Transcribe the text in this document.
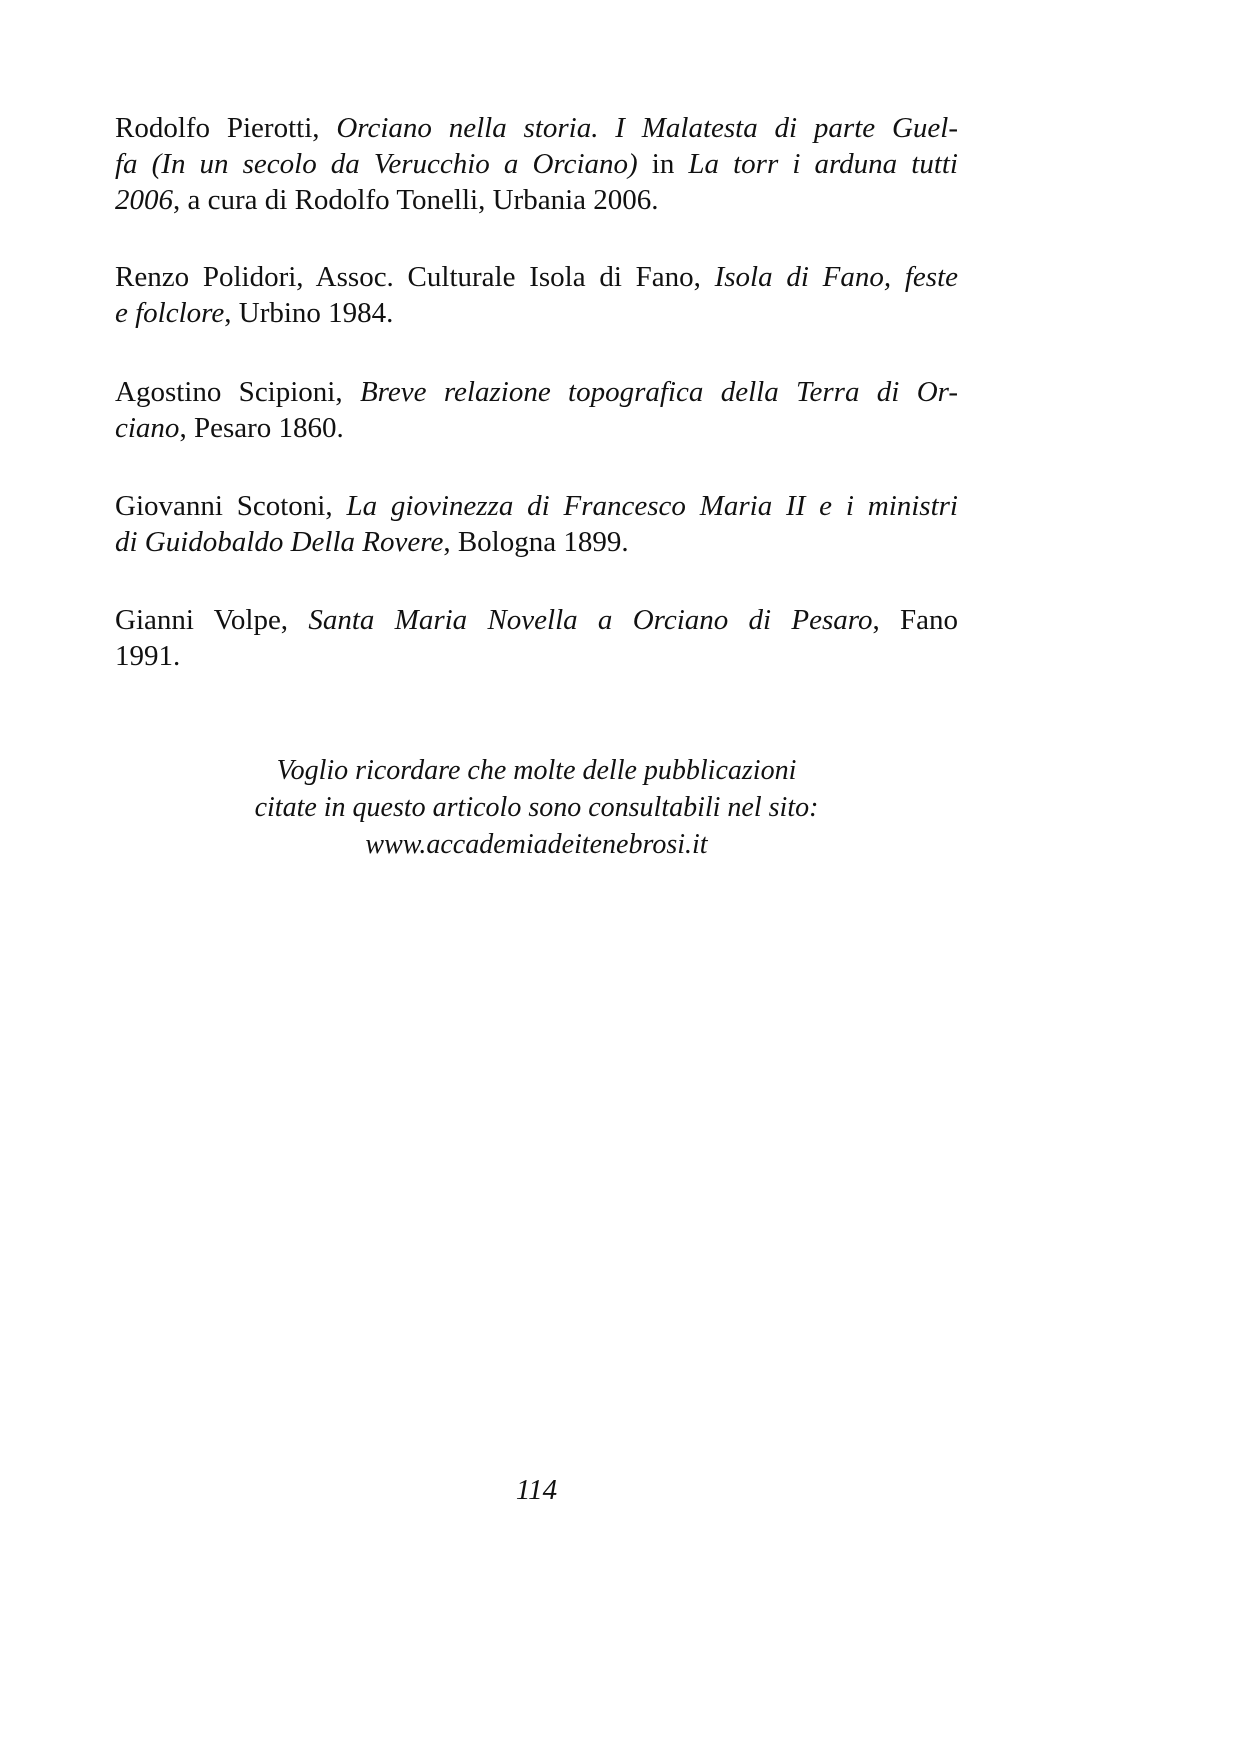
Rodolfo Pierotti, Orciano nella storia. I Malatesta di parte Guel-
fa (In un secolo da Verucchio a Orciano) in La torr i arduna tutti
2006, a cura di Rodolfo Tonelli, Urbania 2006.
Renzo Polidori, Assoc. Culturale Isola di Fano, Isola di Fano, feste
e folclore, Urbino 1984.
Agostino Scipioni, Breve relazione topografica della Terra di Or-
ciano, Pesaro 1860.
Giovanni Scotoni, La giovinezza di Francesco Maria II e i ministri
di Guidobaldo Della Rovere, Bologna 1899.
Gianni Volpe, Santa Maria Novella a Orciano di Pesaro, Fano
1991.
Voglio ricordare che molte delle pubblicazioni
citate in questo articolo sono consultabili nel sito:
www.accademiadeitenebrosi.it
114
